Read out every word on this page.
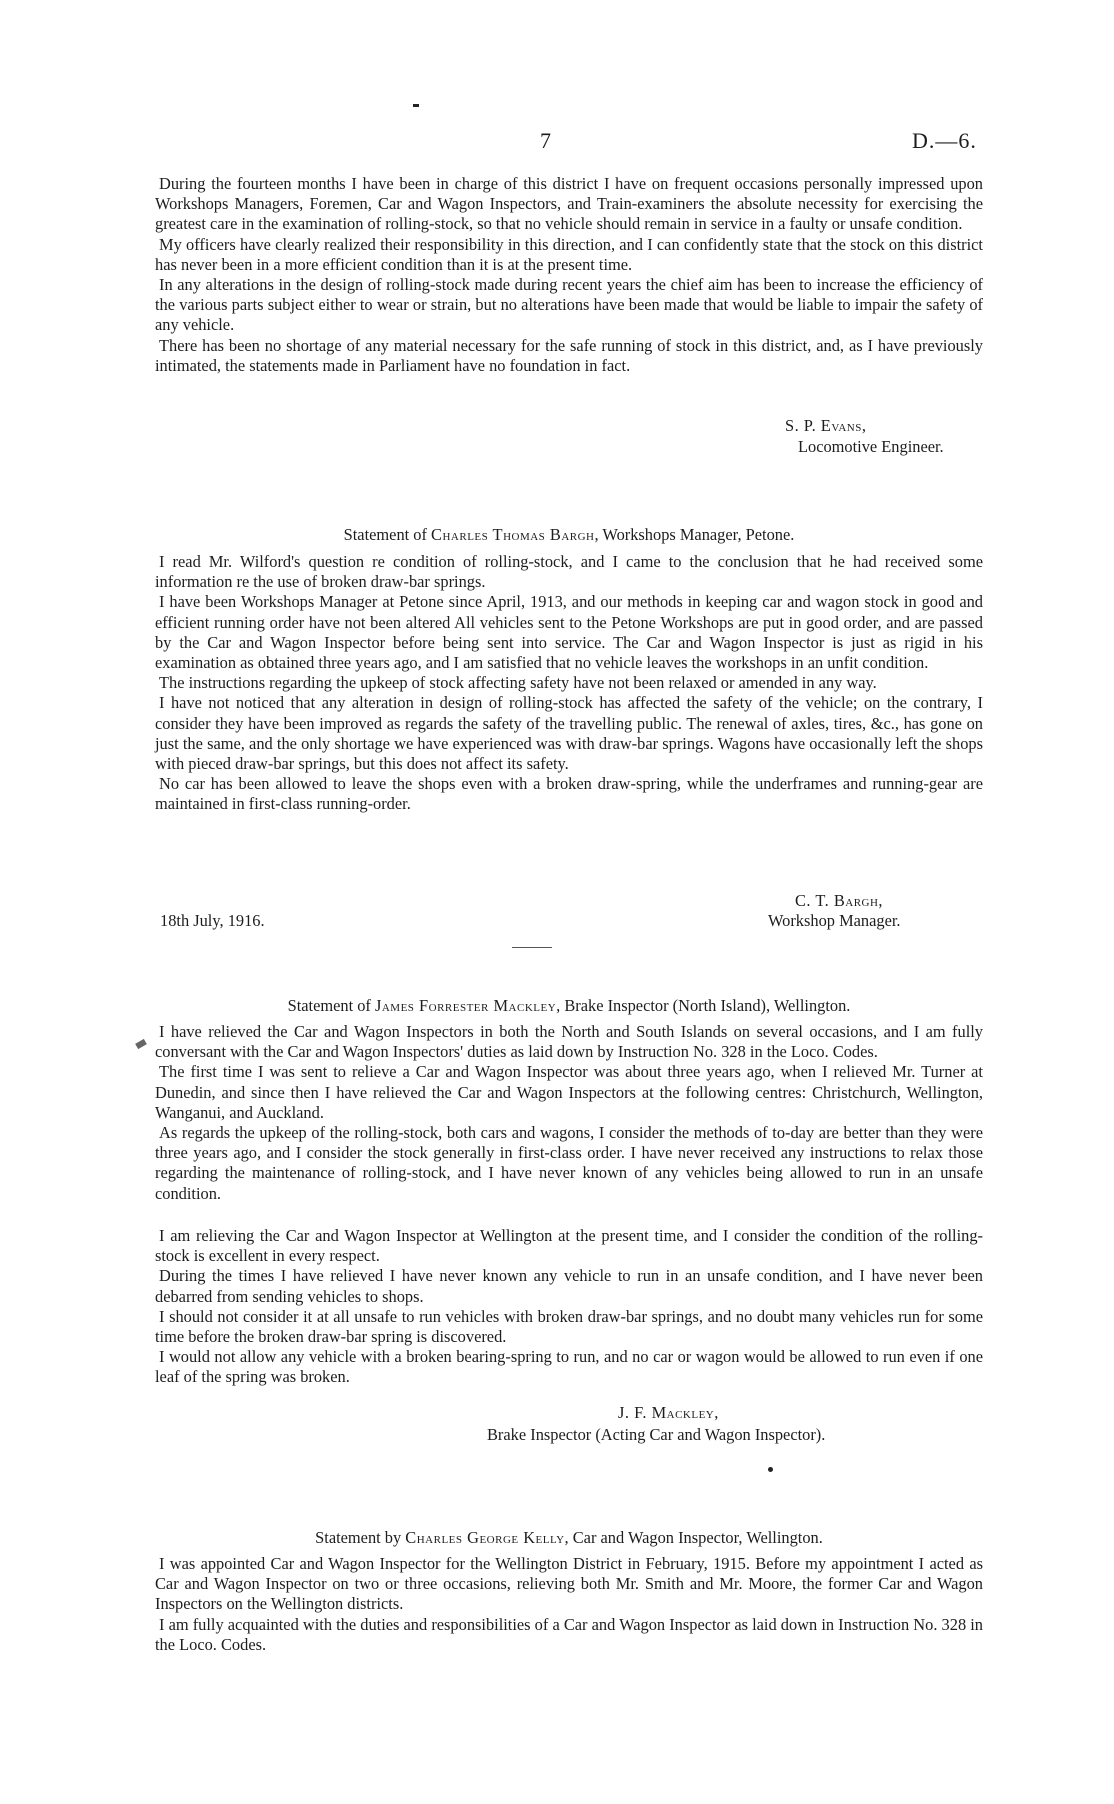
7	D.—6.

During the fourteen months I have been in charge of this district I have on frequent occasions personally impressed upon Workshops Managers, Foremen, Car and Wagon Inspectors, and Train-examiners the absolute necessity for exercising the greatest care in the examination of rolling-stock, so that no vehicle should remain in service in a faulty or unsafe condition.

My officers have clearly realized their responsibility in this direction, and I can confidently state that the stock on this district has never been in a more efficient condition than it is at the present time.

In any alterations in the design of rolling-stock made during recent years the chief aim has been to increase the efficiency of the various parts subject either to wear or strain, but no alterations have been made that would be liable to impair the safety of any vehicle.

There has been no shortage of any material necessary for the safe running of stock in this district, and, as I have previously intimated, the statements made in Parliament have no foundation in fact.

S. P. Evans,
Locomotive Engineer.
Statement of Charles Thomas Bargh, Workshops Manager, Petone.

I read Mr. Wilford's question re condition of rolling-stock, and I came to the conclusion that he had received some information re the use of broken draw-bar springs.

I have been Workshops Manager at Petone since April, 1913, and our methods in keeping car and wagon stock in good and efficient running order have not been altered All vehicles sent to the Petone Workshops are put in good order, and are passed by the Car and Wagon Inspector before being sent into service. The Car and Wagon Inspector is just as rigid in his examination as obtained three years ago, and I am satisfied that no vehicle leaves the workshops in an unfit condition.

The instructions regarding the upkeep of stock affecting safety have not been relaxed or amended in any way.

I have not noticed that any alteration in design of rolling-stock has affected the safety of the vehicle; on the contrary, I consider they have been improved as regards the safety of the travelling public. The renewal of axles, tires, &c., has gone on just the same, and the only shortage we have experienced was with draw-bar springs. Wagons have occasionally left the shops with pieced draw-bar springs, but this does not affect its safety.

No car has been allowed to leave the shops even with a broken draw-spring, while the underframes and running-gear are maintained in first-class running-order.

C. T. Bargh,
18th July, 1916.	Workshop Manager.
Statement of James Forrester Mackley, Brake Inspector (North Island), Wellington.

I have relieved the Car and Wagon Inspectors in both the North and South Islands on several occasions, and I am fully conversant with the Car and Wagon Inspectors' duties as laid down by Instruction No. 328 in the Loco. Codes.

The first time I was sent to relieve a Car and Wagon Inspector was about three years ago, when I relieved Mr. Turner at Dunedin, and since then I have relieved the Car and Wagon Inspectors at the following centres: Christchurch, Wellington, Wanganui, and Auckland.

As regards the upkeep of the rolling-stock, both cars and wagons, I consider the methods of to-day are better than they were three years ago, and I consider the stock generally in first-class order. I have never received any instructions to relax those regarding the maintenance of rolling-stock, and I have never known of any vehicles being allowed to run in an unsafe condition.

I am relieving the Car and Wagon Inspector at Wellington at the present time, and I consider the condition of the rolling-stock is excellent in every respect.

During the times I have relieved I have never known any vehicle to run in an unsafe condition, and I have never been debarred from sending vehicles to shops.

I should not consider it at all unsafe to run vehicles with broken draw-bar springs, and no doubt many vehicles run for some time before the broken draw-bar spring is discovered.

I would not allow any vehicle with a broken bearing-spring to run, and no car or wagon would be allowed to run even if one leaf of the spring was broken.

J. F. Mackley,
Brake Inspector (Acting Car and Wagon Inspector).
Statement by Charles George Kelly, Car and Wagon Inspector, Wellington.

I was appointed Car and Wagon Inspector for the Wellington District in February, 1915. Before my appointment I acted as Car and Wagon Inspector on two or three occasions, relieving both Mr. Smith and Mr. Moore, the former Car and Wagon Inspectors on the Wellington districts.

I am fully acquainted with the duties and responsibilities of a Car and Wagon Inspector as laid down in Instruction No. 328 in the Loco. Codes.
